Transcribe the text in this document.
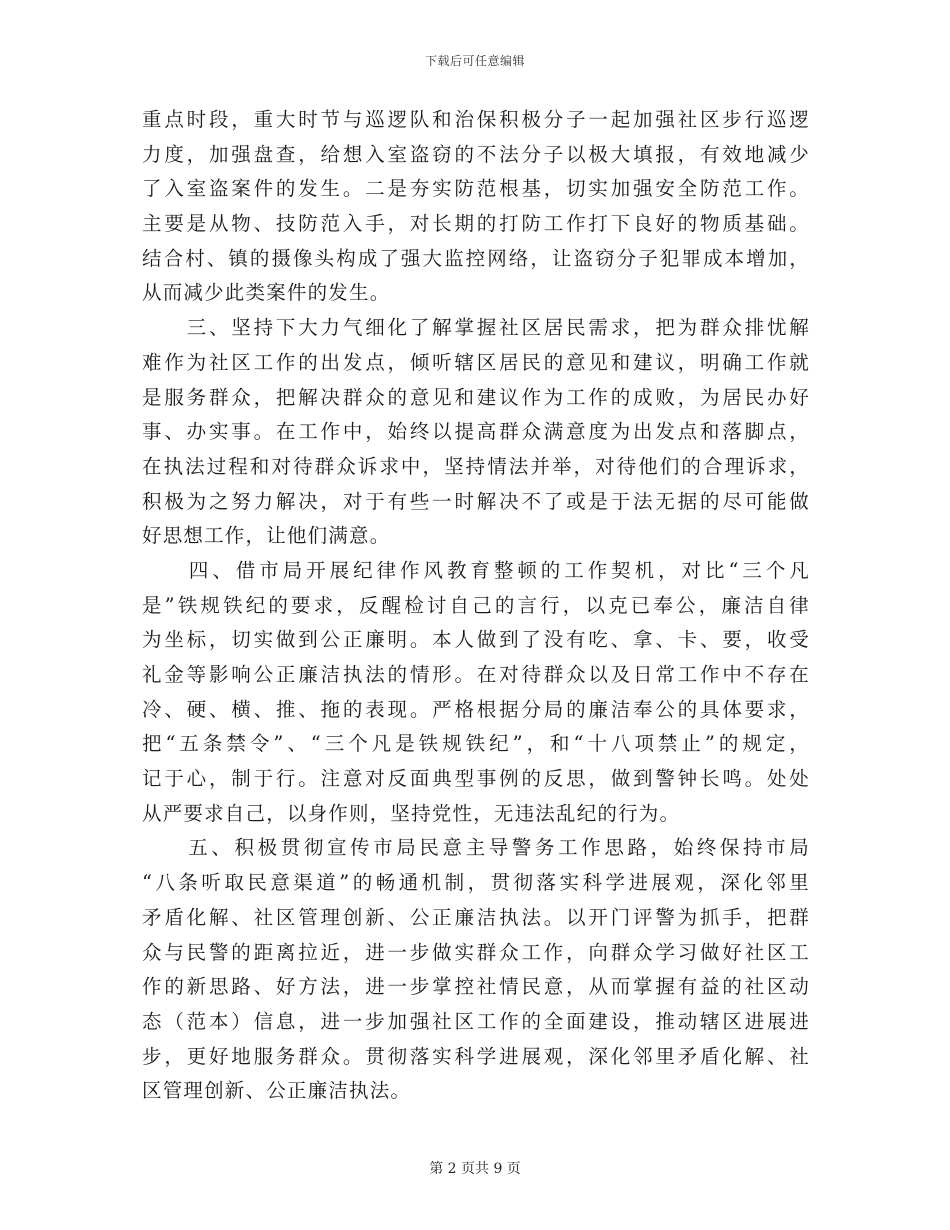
下载后可任意编辑
重点时段，重大时节与巡逻队和治保积极分子一起加强社区步行巡逻
力度，加强盘查，给想入室盗窃的不法分子以极大填报，有效地减少
了入室盗案件的发生。二是夯实防范根基，切实加强安全防范工作。
主要是从物、技防范入手，对长期的打防工作打下良好的物质基础。
结合村、镇的摄像头构成了强大监控网络，让盗窃分子犯罪成本增加，
从而减少此类案件的发生。
　　三、坚持下大力气细化了解掌握社区居民需求，把为群众排忧解
难作为社区工作的出发点，倾听辖区居民的意见和建议，明确工作就
是服务群众，把解决群众的意见和建议作为工作的成败，为居民办好
事、办实事。在工作中，始终以提高群众满意度为出发点和落脚点，
在执法过程和对待群众诉求中，坚持情法并举，对待他们的合理诉求，
积极为之努力解决，对于有些一时解决不了或是于法无据的尽可能做
好思想工作，让他们满意。
　　四、借市局开展纪律作风教育整顿的工作契机，对比“三个凡
是”铁规铁纪的要求，反醒检讨自己的言行，以克已奉公，廉洁自律
为坐标，切实做到公正廉明。本人做到了没有吃、拿、卡、要，收受
礼金等影响公正廉洁执法的情形。在对待群众以及日常工作中不存在
冷、硬、横、推、拖的表现。严格根据分局的廉洁奉公的具体要求，
把“五条禁令”、“三个凡是铁规铁纪”，和“十八项禁止”的规定，
记于心，制于行。注意对反面典型事例的反思，做到警钟长鸣。处处
从严要求自己，以身作则，坚持党性，无违法乱纪的行为。
　　五、积极贯彻宣传市局民意主导警务工作思路，始终保持市局
“八条听取民意渠道”的畅通机制，贯彻落实科学进展观，深化邻里
矛盾化解、社区管理创新、公正廉洁执法。以开门评警为抓手，把群
众与民警的距离拉近，进一步做实群众工作，向群众学习做好社区工
作的新思路、好方法，进一步掌控社情民意，从而掌握有益的社区动
态（范本）信息，进一步加强社区工作的全面建设，推动辖区进展进
步，更好地服务群众。贯彻落实科学进展观，深化邻里矛盾化解、社
区管理创新、公正廉洁执法。
第 2 页共 9 页
